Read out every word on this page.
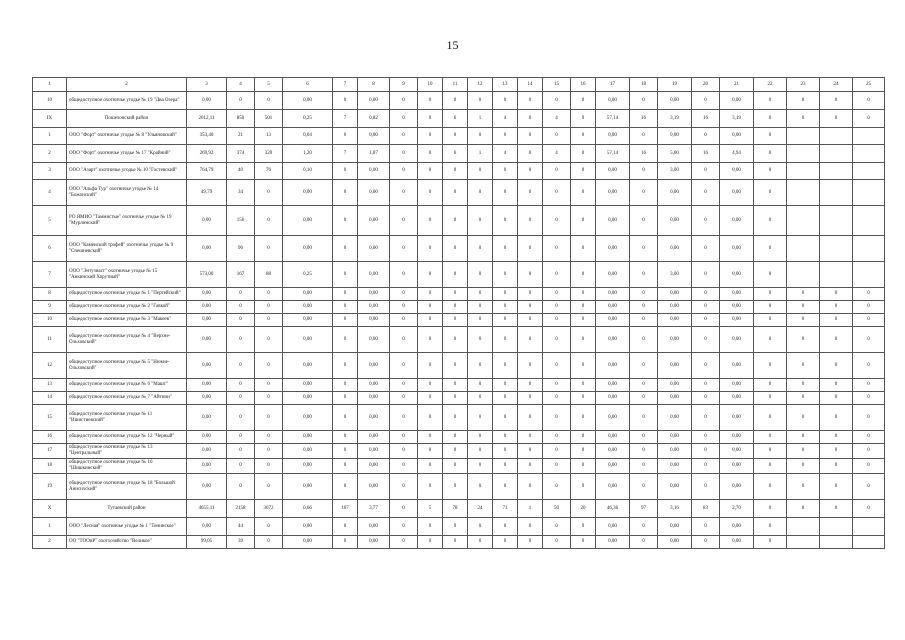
15
1	2	3	4	5	6	7	8	9	10	11	12	13	14	15	16	17	18	19	20	21	22	23	24	25
10	общедоступное охотничье угодье № 19 "Два Озера"	0,00	0	0	0,00	0	0,00	0	0	0	0	0	0	0	0	0,00	0	0,00	0	0,00	0	0	0	0
IX	Пошехонский район	2012,11	850	501	0,25	7	0,82	0	0	6	1	4	0	4	0	57,14	16	3,19	16	3,19	0	0	0	0
1	ООО "Форт" охотничье угодье № 8 "Ульяновский"	353,40	21	13	0,04	0	0,00	0	0	0	0	0	0	0	0	0,00	0	9,00	0	0,00	0			
2	ООО "Форт" охотничье угодье № 17 "Крайний"	269,92	374	320	1,20	7	1,87	0	0	6	1	4	0	4	0	57,14	16	5,00	16	4,94	0			
3	ООО "Азарт" охотничье угодье № 10 "Гостевский"	764,79	40	76	0,10	0	0,00	0	0	0	0	0	0	0	0	0,00	0	3,00	0	0,00	0			
4	ООО "Альфа Тур" охотничье угодье № 14 "Божонский"	49,79	34	0	0,00	0	0,00	0	0	0	0	0	0	0	0	0,00	0	0,00	0	0,00	0			
5	РО ЯМИО "Таммистые" охотничье угодье № 19 "Мурлинский"	0,00	156	0	0,00	0	0,00	0	0	0	0	0	0	0	0	0,00	0	0,00	0	0,00	0			
6	ООО "Каменский трофей" охотничье угодье № 9 "Спешневский"	0,00	96	0	0,00	0	0,00	0	0	0	0	0	0	0	0	0,00	0	0,00	0	0,00	0			
7	ООО "Энтузиаст" охотничье угодье № 15 "Анкинский Хорутный"	573,00	167	88	0,25	0	0,00	0	0	0	0	0	0	0	0	0,00	0	3,00	0	0,00	0			
8	общедоступное охотничье угодье № 1 "Пертейский"	0,00	0	0	0,00	0	0,00	0	0	0	0	0	0	0	0	0,00	0	0,00	0	0,00	0	0	0	0
9	общедоступное охотничье угодье № 2 "Гавкой"	0,00	0	0	0,00	0	0,00	0	0	0	0	0	0	0	0	0,00	0	0,00	0	0,00	0	0	0	0
10	общедоступное охотничье угодье № 3 "Макеев"	0,00	0	0	0,00	0	0,00	0	0	0	0	0	0	0	0	0,00	0	0,00	0	0,00	0	0	0	0
11	общедоступное охотничье угодье № 4 "Верхне-Ольховский"	0,00	0	0	0,00	0	0,00	0	0	0	0	0	0	0	0	0,00	0	0,00	0	0,00	0	0	0	0
12	общедоступное охотничье угодье № 5 "Нижне-Ольховский"	0,00	0	0	0,00	0	0,00	0	0	0	0	0	0	0	0	0,00	0	0,00	0	0,00	0	0	0	0
13	общедоступное охотничье угодье № 6 "Машт"	0,00	0	0	0,00	0	0,00	0	0	0	0	0	0	0	0	0,00	0	0,00	0	0,00	0	0	0	0
14	общедоступное охотничье угодье № 7 "Айтнин"	0,00	0	0	0,00	0	0,00	0	0	0	0	0	0	0	0	0,00	0	0,00	0	0,00	0	0	0	0
15	общедоступное охотничье угодье № 11 "Ишистиевский"	0,00	0	0	0,00	0	0,00	0	0	0	0	0	0	0	0	0,00	0	0,00	0	0,00	0	0	0	0
16	общедоступное охотничье угодье № 12 "Черный"	0,00	0	0	0,00	0	0,00	0	0	0	0	0	0	0	0	0,00	0	0,00	0	0,00	0	0	0	0
17	общедоступное охотничье угодье № 13 "Центральный"	0,00	0	0	0,00	0	0,00	0	0	0	0	0	0	0	0	0,00	0	0,00	0	0,00	0	0	0	0
18	общедоступное охотничье угодье № 16 "Шишкинский"	0,00	0	0	0,00	0	0,00	0	0	0	0	0	0	0	0	0,00	0	0,00	0	0,00	0	0	0	0
19	общедоступное охотничье угодье № 18 "Большой Анисихский"	0,00	0	0	0,00	0	0,00	0	0	0	0	0	0	0	0	0,00	0	0,00	0	0,00	0	0	0	0
X	Тутаевский район	4655,11	2158	3072	0,66	107	3,77	0	5	78	24	71	1	50	20	46,36	97	3,16	83	2,70	0	0	0	0
1	ООО "Лесная" охотничье угодье № 1 "Тенинское"	0,00	44	0	0,00	0	0,00	0	0	0	0	0	0	0	0	0,00	0	0,00	0	0,00	0			
2	ОО "ТООиР" охотхозяйство "Великое"	99,05	39	0	0,00	0	0,00	0	0	0	0	0	0	0	0	0,00	0	0,00	0	0,00	0			
